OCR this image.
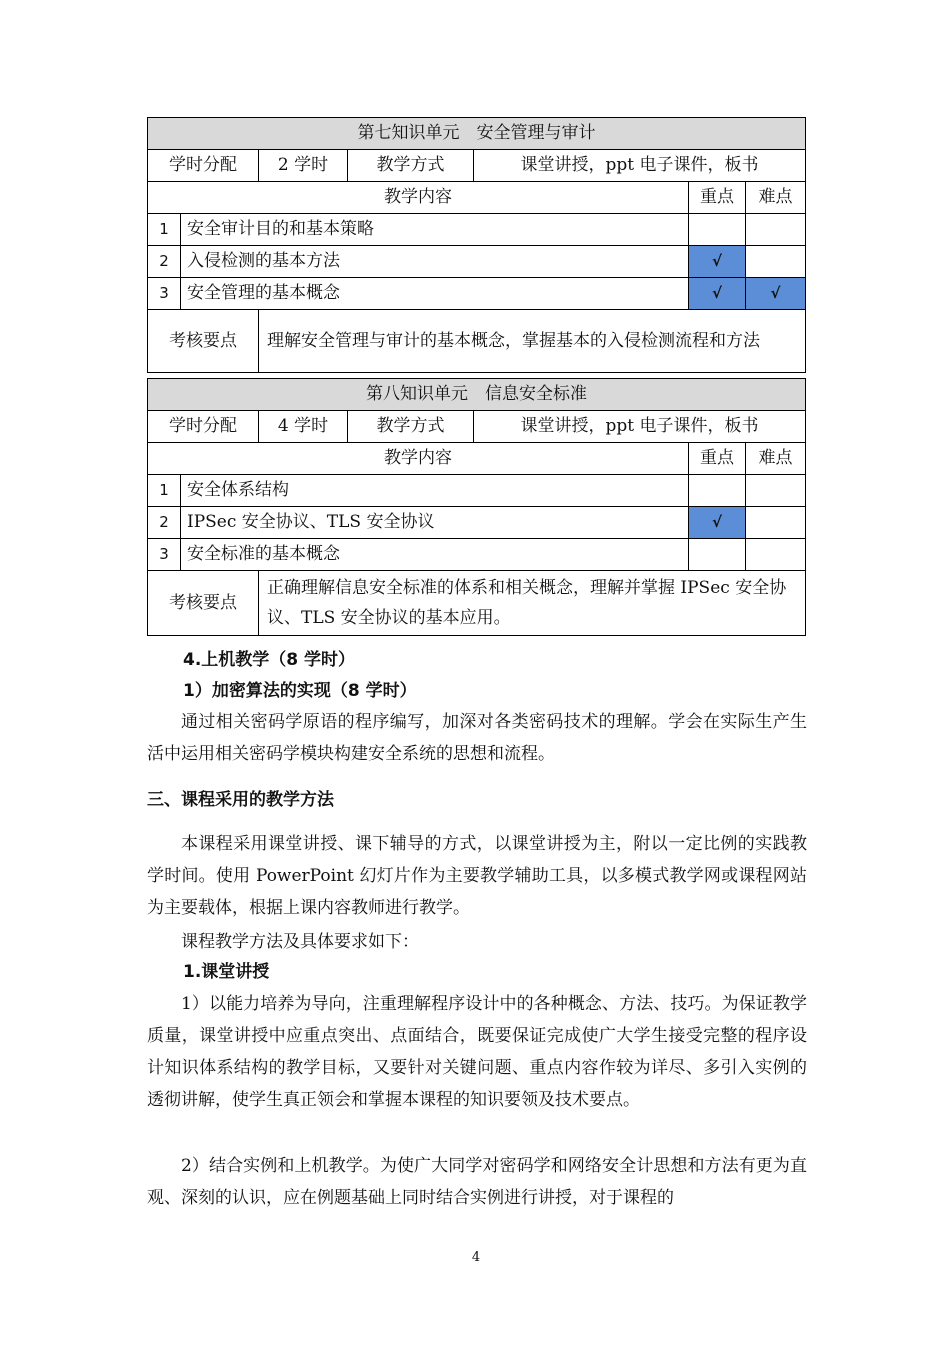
第七知识单元　安全管理与审计						
学时分配		2 学时	教学方式	课堂讲授，ppt 电子课件，板书		
教学内容					重点	难点
1	安全审计目的和基本策略					
2	入侵检测的基本方法				√	
3	安全管理的基本概念				√	√
考核要点		理解安全管理与审计的基本概念，掌握基本的入侵检测流程和方法				
第八知识单元　信息安全标准						
学时分配		4 学时	教学方式	课堂讲授，ppt 电子课件，板书		
教学内容					重点	难点
1	安全体系结构					
2	IPSec 安全协议、TLS 安全协议				√	
3	安全标准的基本概念					
考核要点		正确理解信息安全标准的体系和相关概念，理解并掌握 IPSec 安全协议、TLS 安全协议的基本应用。				
4.上机教学（8 学时）
1）加密算法的实现（8 学时）
通过相关密码学原语的程序编写，加深对各类密码技术的理解。学会在实际生产生活中运用相关密码学模块构建安全系统的思想和流程。
三、课程采用的教学方法
本课程采用课堂讲授、课下辅导的方式，以课堂讲授为主，附以一定比例的实践教学时间。使用 PowerPoint 幻灯片作为主要教学辅助工具，以多模式教学网或课程网站为主要载体，根据上课内容教师进行教学。
课程教学方法及具体要求如下：
1.课堂讲授
1）以能力培养为导向，注重理解程序设计中的各种概念、方法、技巧。为保证教学质量，课堂讲授中应重点突出、点面结合，既要保证完成使广大学生接受完整的程序设计知识体系结构的教学目标，又要针对关键问题、重点内容作较为详尽、多引入实例的透彻讲解，使学生真正领会和掌握本课程的知识要领及技术要点。
2）结合实例和上机教学。为使广大同学对密码学和网络安全计思想和方法有更为直观、深刻的认识，应在例题基础上同时结合实例进行讲授，对于课程的
4
